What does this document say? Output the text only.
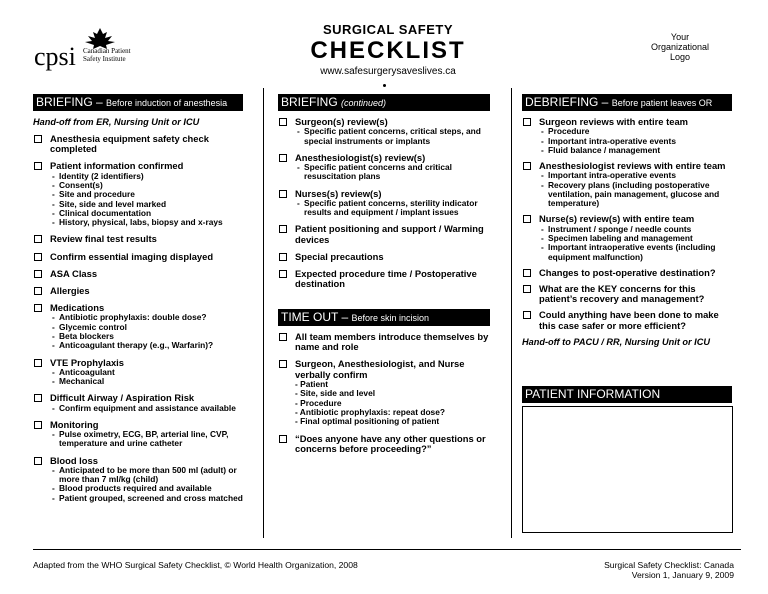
cpsi Canadian Patient
Safety Institute
SURGICAL SAFETY
CHECKLIST
www.safesurgerysaveslives.ca
Your
Organizational
Logo
BRIEFING – Before induction of anesthesia
Hand-off from ER, Nursing Unit or ICU
Anesthesia equipment safety check completed
Patient information confirmed
- Identity (2 identifiers)
- Consent(s)
- Site and procedure
- Site, side and level marked
- Clinical documentation
- History, physical, labs, biopsy and x-rays
Review final test results
Confirm essential imaging displayed
ASA Class
Allergies
Medications
- Antibiotic prophylaxis: double dose?
- Glycemic control
- Beta blockers
- Anticoagulant therapy (e.g., Warfarin)?
VTE Prophylaxis
- Anticoagulant
- Mechanical
Difficult Airway / Aspiration Risk
- Confirm equipment and assistance available
Monitoring
- Pulse oximetry, ECG, BP, arterial line, CVP, temperature and urine catheter
Blood loss
- Anticipated to be more than 500 ml (adult) or more than 7 ml/kg (child)
- Blood products required and available
- Patient grouped, screened and cross matched
BRIEFING (continued)
Surgeon(s) review(s)
- Specific patient concerns, critical steps, and special instruments or implants
Anesthesiologist(s) review(s)
- Specific patient concerns and critical resuscitation plans
Nurses(s) review(s)
- Specific patient concerns, sterility indicator results and equipment / implant issues
Patient positioning and support / Warming devices
Special precautions
Expected procedure time / Postoperative destination
TIME OUT – Before skin incision
All team members introduce themselves by name and role
Surgeon, Anesthesiologist, and Nurse verbally confirm
- Patient
- Site, side and level
- Procedure
- Antibiotic prophylaxis: repeat dose?
- Final optimal positioning of patient
“Does anyone have any other questions or concerns before proceeding?”
DEBRIEFING – Before patient leaves OR
Surgeon reviews with entire team
- Procedure
- Important intra-operative events
- Fluid balance / management
Anesthesiologist reviews with entire team
- Important intra-operative events
- Recovery plans (including postoperative ventilation, pain management, glucose and temperature)
Nurse(s) review(s) with entire team
- Instrument / sponge / needle counts
- Specimen labeling and management
- Important intraoperative events (including equipment malfunction)
Changes to post-operative destination?
What are the KEY concerns for this patient’s recovery and management?
Could anything have been done to make this case safer or more efficient?
Hand-off to PACU / RR, Nursing Unit or ICU
PATIENT INFORMATION
Adapted from the WHO Surgical Safety Checklist, © World Health Organization, 2008	Surgical Safety Checklist: Canada
Version 1, January 9, 2009
